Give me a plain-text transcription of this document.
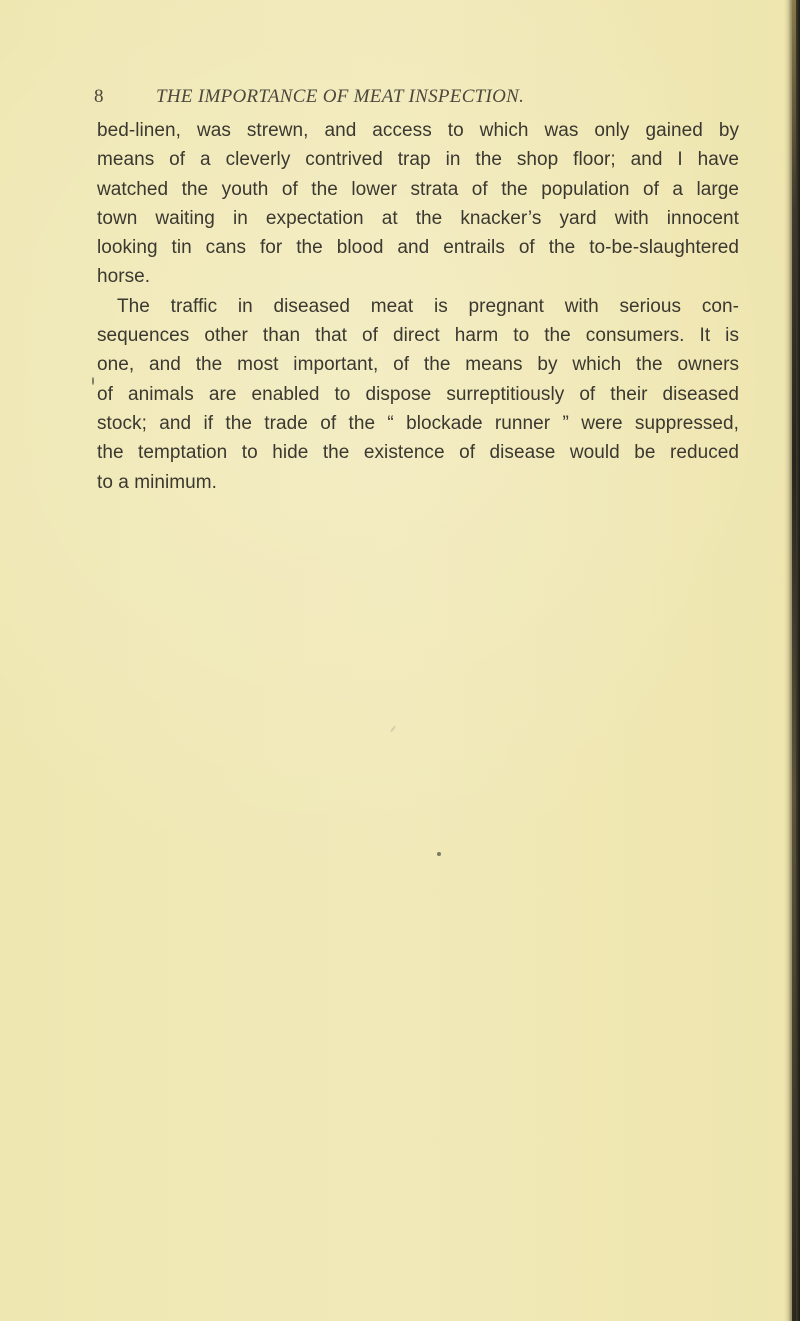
8	THE IMPORTANCE OF MEAT INSPECTION.
bed-linen, was strewn, and access to which was only gained by
means of a cleverly contrived trap in the shop floor; and I have
watched the youth of the lower strata of the population of a large
town waiting in expectation at the knacker’s yard with innocent
looking tin cans for the blood and entrails of the to-be-slaughtered
horse.
The traffic in diseased meat is pregnant with serious con-
sequences other than that of direct harm to the consumers. It is
one, and the most important, of the means by which the owners
of animals are enabled to dispose surreptitiously of their diseased
stock; and if the trade of the “ blockade runner ” were suppressed,
the temptation to hide the existence of disease would be reduced
to a minimum.
